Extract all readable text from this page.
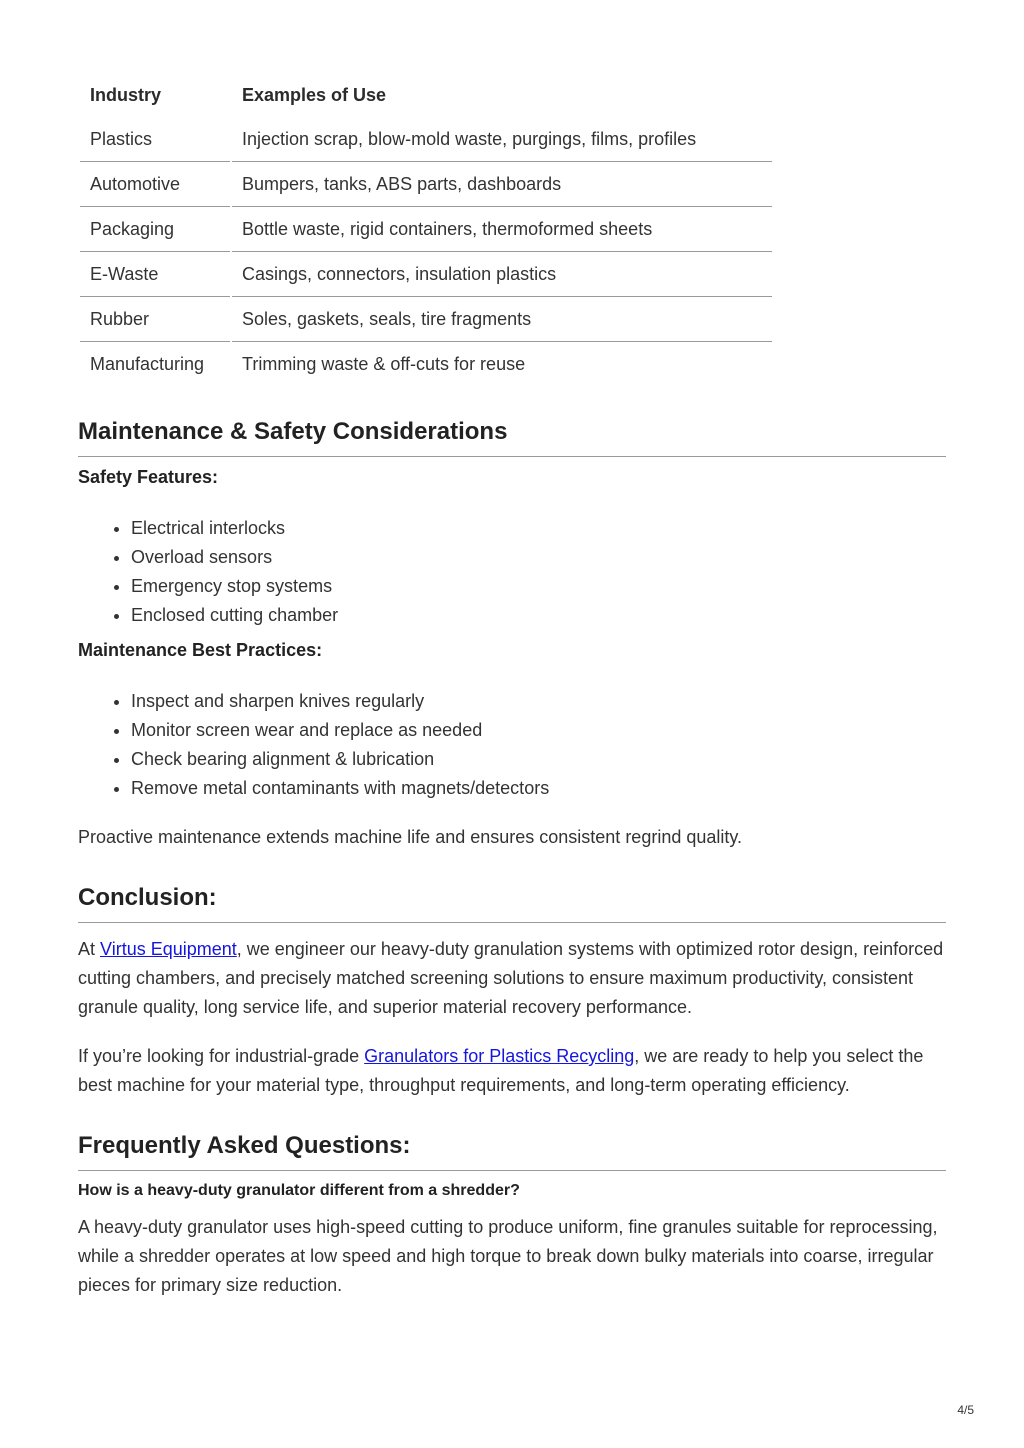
Industry	Examples of Use
Plastics	Injection scrap, blow-mold waste, purgings, films, profiles
Automotive	Bumpers, tanks, ABS parts, dashboards
Packaging	Bottle waste, rigid containers, thermoformed sheets
E-Waste	Casings, connectors, insulation plastics
Rubber	Soles, gaskets, seals, tire fragments
Manufacturing	Trimming waste & off-cuts for reuse
Maintenance & Safety Considerations

Safety Features:

• Electrical interlocks
• Overload sensors
• Emergency stop systems
• Enclosed cutting chamber

Maintenance Best Practices:

• Inspect and sharpen knives regularly
• Monitor screen wear and replace as needed
• Check bearing alignment & lubrication
• Remove metal contaminants with magnets/detectors

Proactive maintenance extends machine life and ensures consistent regrind quality.

Conclusion:

At Virtus Equipment, we engineer our heavy-duty granulation systems with optimized rotor design, reinforced cutting chambers, and precisely matched screening solutions to ensure maximum productivity, consistent granule quality, long service life, and superior material recovery performance.

If you’re looking for industrial-grade Granulators for Plastics Recycling, we are ready to help you select the best machine for your material type, throughput requirements, and long-term operating efficiency.

Frequently Asked Questions:

How is a heavy-duty granulator different from a shredder?

A heavy-duty granulator uses high-speed cutting to produce uniform, fine granules suitable for reprocessing, while a shredder operates at low speed and high torque to break down bulky materials into coarse, irregular pieces for primary size reduction.

4/5
